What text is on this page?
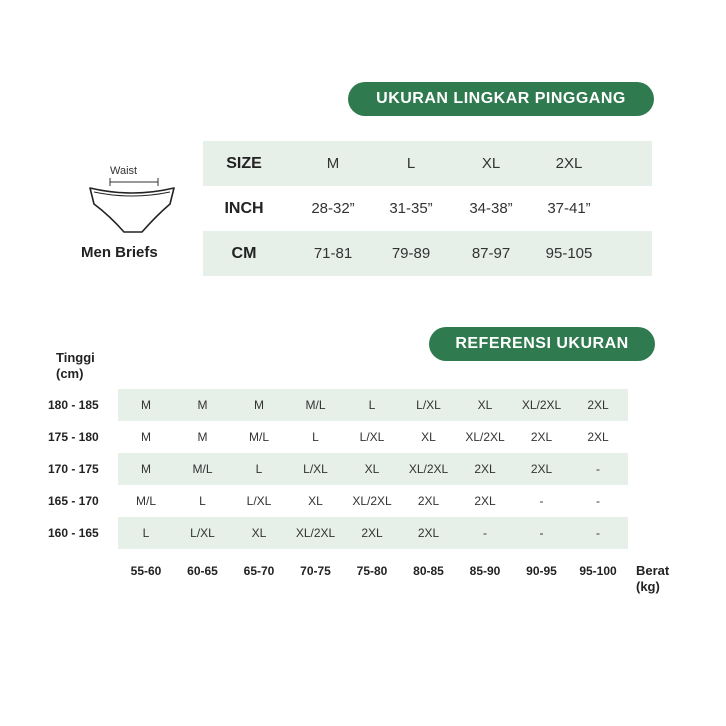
UKURAN LINGKAR PINGGANG
Waist
Men Briefs
SIZE	M	L	XL	2XL
INCH	28-32”	31-35”	34-38”	37-41”
CM	71-81	79-89	87-97	95-105
REFERENSI UKURAN
Tinggi
(cm)
180 - 185	M	M	M	M/L	L	L/XL	XL	XL/2XL	2XL
175 - 180	M	M	M/L	L	L/XL	XL	XL/2XL	2XL	2XL
170 - 175	M	M/L	L	L/XL	XL	XL/2XL	2XL	2XL	-
165 - 170	M/L	L	L/XL	XL	XL/2XL	2XL	2XL	-	-
160 - 165	L	L/XL	XL	XL/2XL	2XL	2XL	-	-	-
55-60	60-65	65-70	70-75	75-80	80-85	85-90	90-95	95-100	Berat
(kg)
